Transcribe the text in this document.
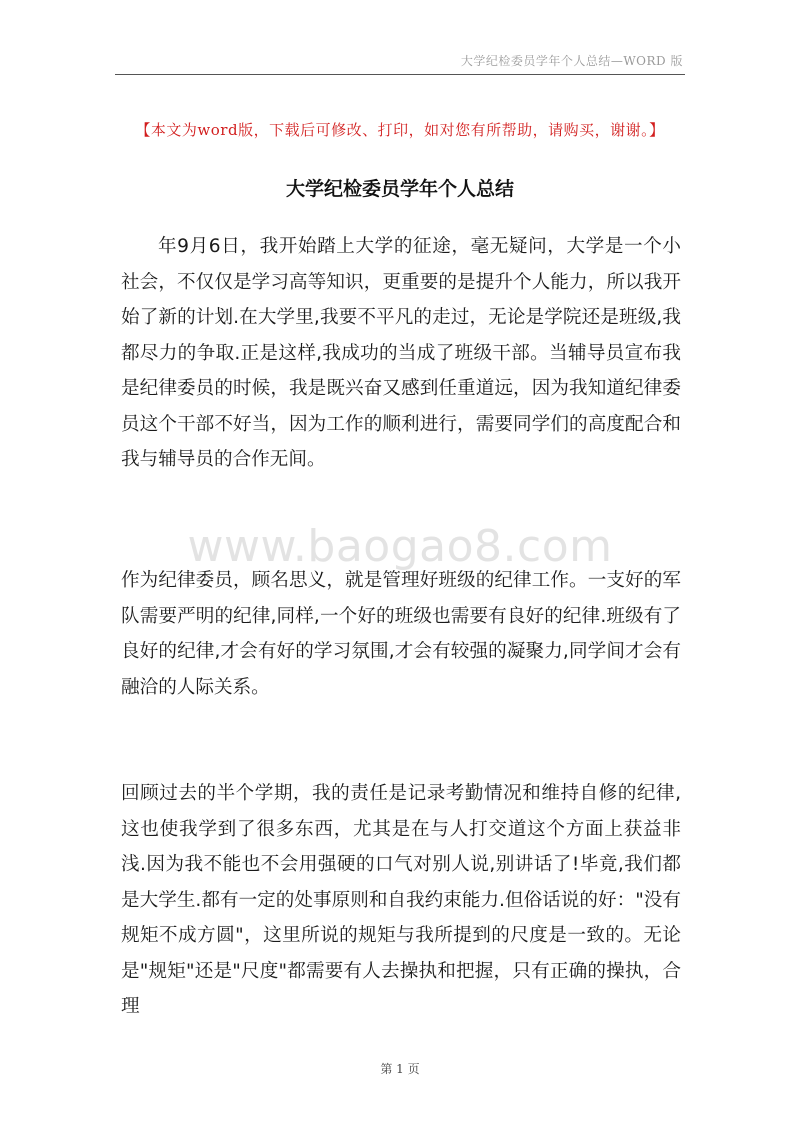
大学纪检委员学年个人总结—WORD 版
【本文为word版，下载后可修改、打印，如对您有所帮助，请购买，谢谢。】
大学纪检委员学年个人总结

年9月6日，我开始踏上大学的征途，毫无疑问，大学是一个小社会，不仅仅是学习高等知识，更重要的是提升个人能力，所以我开始了新的计划.在大学里,我要不平凡的走过，无论是学院还是班级,我都尽力的争取.正是这样,我成功的当成了班级干部。当辅导员宣布我是纪律委员的时候，我是既兴奋又感到任重道远，因为我知道纪律委员这个干部不好当，因为工作的顺利进行，需要同学们的高度配合和我与辅导员的合作无间。

www.baogao8.com

作为纪律委员，顾名思义，就是管理好班级的纪律工作。一支好的军队需要严明的纪律,同样,一个好的班级也需要有良好的纪律.班级有了良好的纪律,才会有好的学习氛围,才会有较强的凝聚力,同学间才会有融洽的人际关系。

回顾过去的半个学期，我的责任是记录考勤情况和维持自修的纪律,这也使我学到了很多东西，尤其是在与人打交道这个方面上获益非浅.因为我不能也不会用强硬的口气对别人说,别讲话了!毕竟,我们都是大学生.都有一定的处事原则和自我约束能力.但俗话说的好："没有规矩不成方圆"，这里所说的规矩与我所提到的尺度是一致的。无论是"规矩"还是"尺度"都需要有人去操执和把握，只有正确的操执，合理

第 1 页
